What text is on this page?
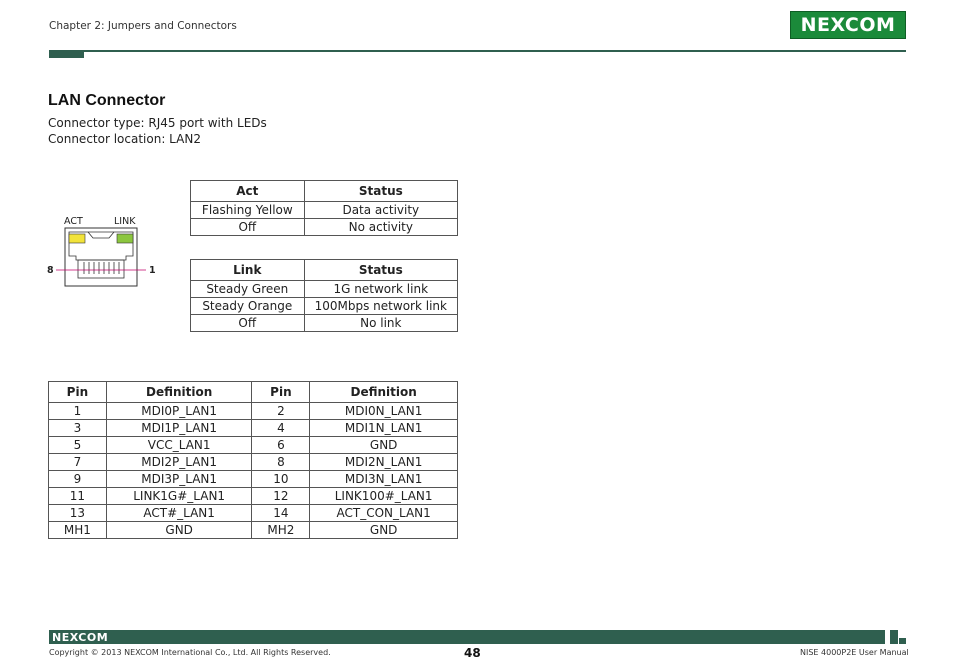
Chapter 2: Jumpers and Connectors	NEXCOM
LAN Connector
Connector type: RJ45 port with LEDs
Connector location: LAN2
ACT	LINK
8	1
Act	Status
Flashing Yellow	Data activity
Off	No activity
Link	Status
Steady Green	1G network link
Steady Orange	100Mbps network link
Off	No link
Pin	Definition	Pin	Definition
1	MDI0P_LAN1	2	MDI0N_LAN1
3	MDI1P_LAN1	4	MDI1N_LAN1
5	VCC_LAN1	6	GND
7	MDI2P_LAN1	8	MDI2N_LAN1
9	MDI3P_LAN1	10	MDI3N_LAN1
11	LINK1G#_LAN1	12	LINK100#_LAN1
13	ACT#_LAN1	14	ACT_CON_LAN1
MH1	GND	MH2	GND
NEXCOM
Copyright © 2013 NEXCOM International Co., Ltd. All Rights Reserved.	48	NISE 4000P2E User Manual
